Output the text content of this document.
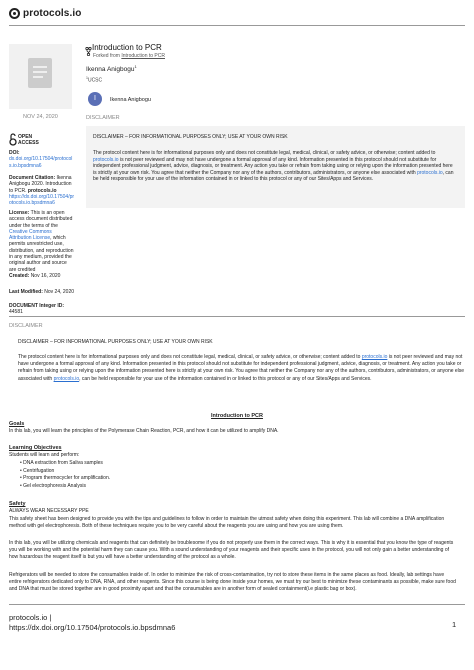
protocols.io
NOV 24, 2020
OPEN
ACCESS
DOI:
dx.doi.org/10.17504/protocols.io.bpsdmna6
Document Citation: Ikenna Anigbogu 2020. Introduction to PCR. protocols.io
https://dx.doi.org/10.17504/protocols.io.bpsdmna6
License: This is an open access document distributed under the terms of the Creative Commons Attribution License, which permits unrestricted use, distribution, and reproduction in any medium, provided the original author and source are credited
Created: Nov 16, 2020
Last Modified: Nov 24, 2020
DOCUMENT Integer ID:
44581
Introduction to PCR
Forked from Introduction to PCR
Ikenna Anigbogu$^1$
$^1$UCSC
I	Ikenna Anigbogu
DISCLAIMER
DISCLAIMER – FOR INFORMATIONAL PURPOSES ONLY; USE AT YOUR OWN RISK
The protocol content here is for informational purposes only and does not constitute legal, medical, clinical, or safety advice, or otherwise; content added to protocols.io is not peer reviewed and may not have undergone a formal approval of any kind. Information presented in this protocol should not substitute for independent professional judgment, advice, diagnosis, or treatment. Any action you take or refrain from taking using or relying upon the information presented here is strictly at your own risk. You agree that neither the Company nor any of the authors, contributors, administrators, or anyone else associated with protocols.io, can be held responsible for your use of the information contained in or linked to this protocol or any of our Sites/Apps and Services.
DISCLAIMER
DISCLAIMER – FOR INFORMATIONAL PURPOSES ONLY; USE AT YOUR OWN RISK
The protocol content here is for informational purposes only and does not constitute legal, medical, clinical, or safety advice, or otherwise; content added to protocols.io is not peer reviewed and may not have undergone a formal approval of any kind. Information presented in this protocol should not substitute for independent professional judgment, advice, diagnosis, or treatment. Any action you take or refrain from taking using or relying upon the information presented here is strictly at your own risk. You agree that neither the Company nor any of the authors, contributors, administrators, or anyone else associated with protocols.io, can be held responsible for your use of the information contained in or linked to this protocol or any of our Sites/Apps and Services.
Introduction to PCR
Goals
In this lab, you will learn the principles of the Polymerase Chain Reaction, PCR, and how it can be utilized to amplify DNA.
Learning Objectives
Students will learn and perform:
• DNA extraction from Saliva samples
• Centrifugation
• Program thermocycler for amplification.
• Gel electrophoresis Analysis
Safety
ALWAYS WEAR NECESSARY PPE
This safety sheet has been designed to provide you with the tips and guidelines to follow in order to maintain the utmost safety when doing this experiment. This lab will combine a DNA amplification method with gel electrophoresis. Both of these techniques require you to be very careful about the reagents you are using and how you are using them.
In this lab, you will be utilizing chemicals and reagents that can definitely be troublesome if you do not properly use them in the correct ways. This is why it is essential that you know the type of reagents you will be working with and the potential harm they can cause you. With a sound understanding of your reagents and their specific uses in the protocol, you will not only gain a better understanding of how hazardous the reagent itself is but you will have a better understanding of the protocol as a whole.
Refrigerators will be needed to store the consumables inside of. In order to minimize the risk of cross-contamination, try not to store these items in the same places as food. Ideally, lab settings have entire refrigerators dedicated only to DNA, RNA, and other reagents. Since this course is being done inside your homes, we must try our best to minimize these contaminants as possible, make sure food and DNA that must be stored together are in good proximity apart and that the consumables are in another form of sealed containment(i.e plastic bag or box).
protocols.io |
https://dx.doi.org/10.17504/protocols.io.bpsdmna6	1
